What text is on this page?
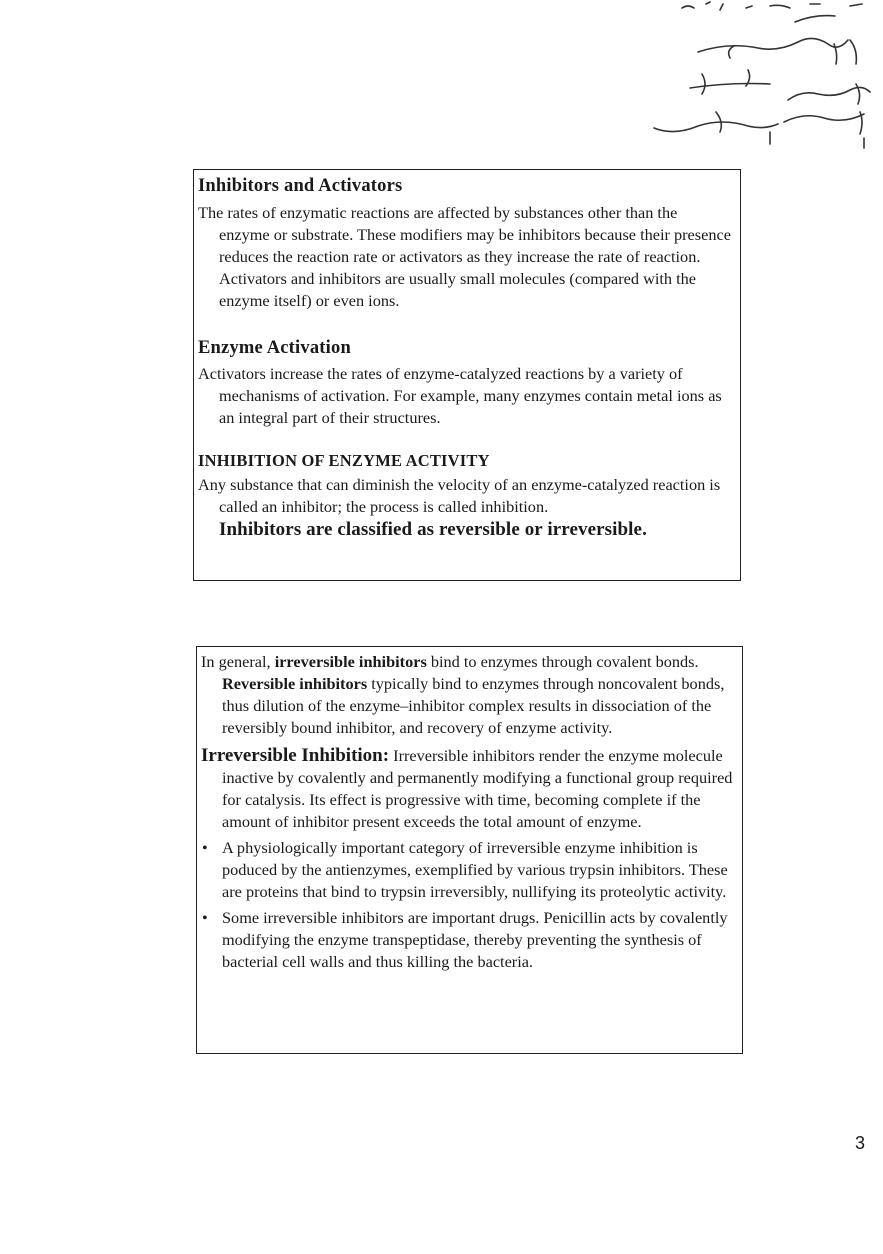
Inhibitors and Activators

The rates of enzymatic reactions are affected by substances other than the enzyme or substrate. These modifiers may be inhibitors because their presence reduces the reaction rate or activators as they increase the rate of reaction. Activators and inhibitors are usually small molecules (compared with the enzyme itself) or even ions.

Enzyme Activation

Activators increase the rates of enzyme-catalyzed reactions by a variety of mechanisms of activation. For example, many enzymes contain metal ions as an integral part of their structures.

INHIBITION OF ENZYME ACTIVITY

Any substance that can diminish the velocity of an enzyme-catalyzed reaction is called an inhibitor; the process is called inhibition.

Inhibitors are classified as reversible or irreversible.

In general, irreversible inhibitors bind to enzymes through covalent bonds. Reversible inhibitors typically bind to enzymes through noncovalent bonds, thus dilution of the enzyme–inhibitor complex results in dissociation of the reversibly bound inhibitor, and recovery of enzyme activity.

Irreversible Inhibition: Irreversible inhibitors render the enzyme molecule inactive by covalently and permanently modifying a functional group required for catalysis. Its effect is progressive with time, becoming complete if the amount of inhibitor present exceeds the total amount of enzyme.

• A physiologically important category of irreversible enzyme inhibition is poduced by the antienzymes, exemplified by various trypsin inhibitors. These are proteins that bind to trypsin irreversibly, nullifying its proteolytic activity.
• Some irreversible inhibitors are important drugs. Penicillin acts by covalently modifying the enzyme transpeptidase, thereby preventing the synthesis of bacterial cell walls and thus killing the bacteria.
3
